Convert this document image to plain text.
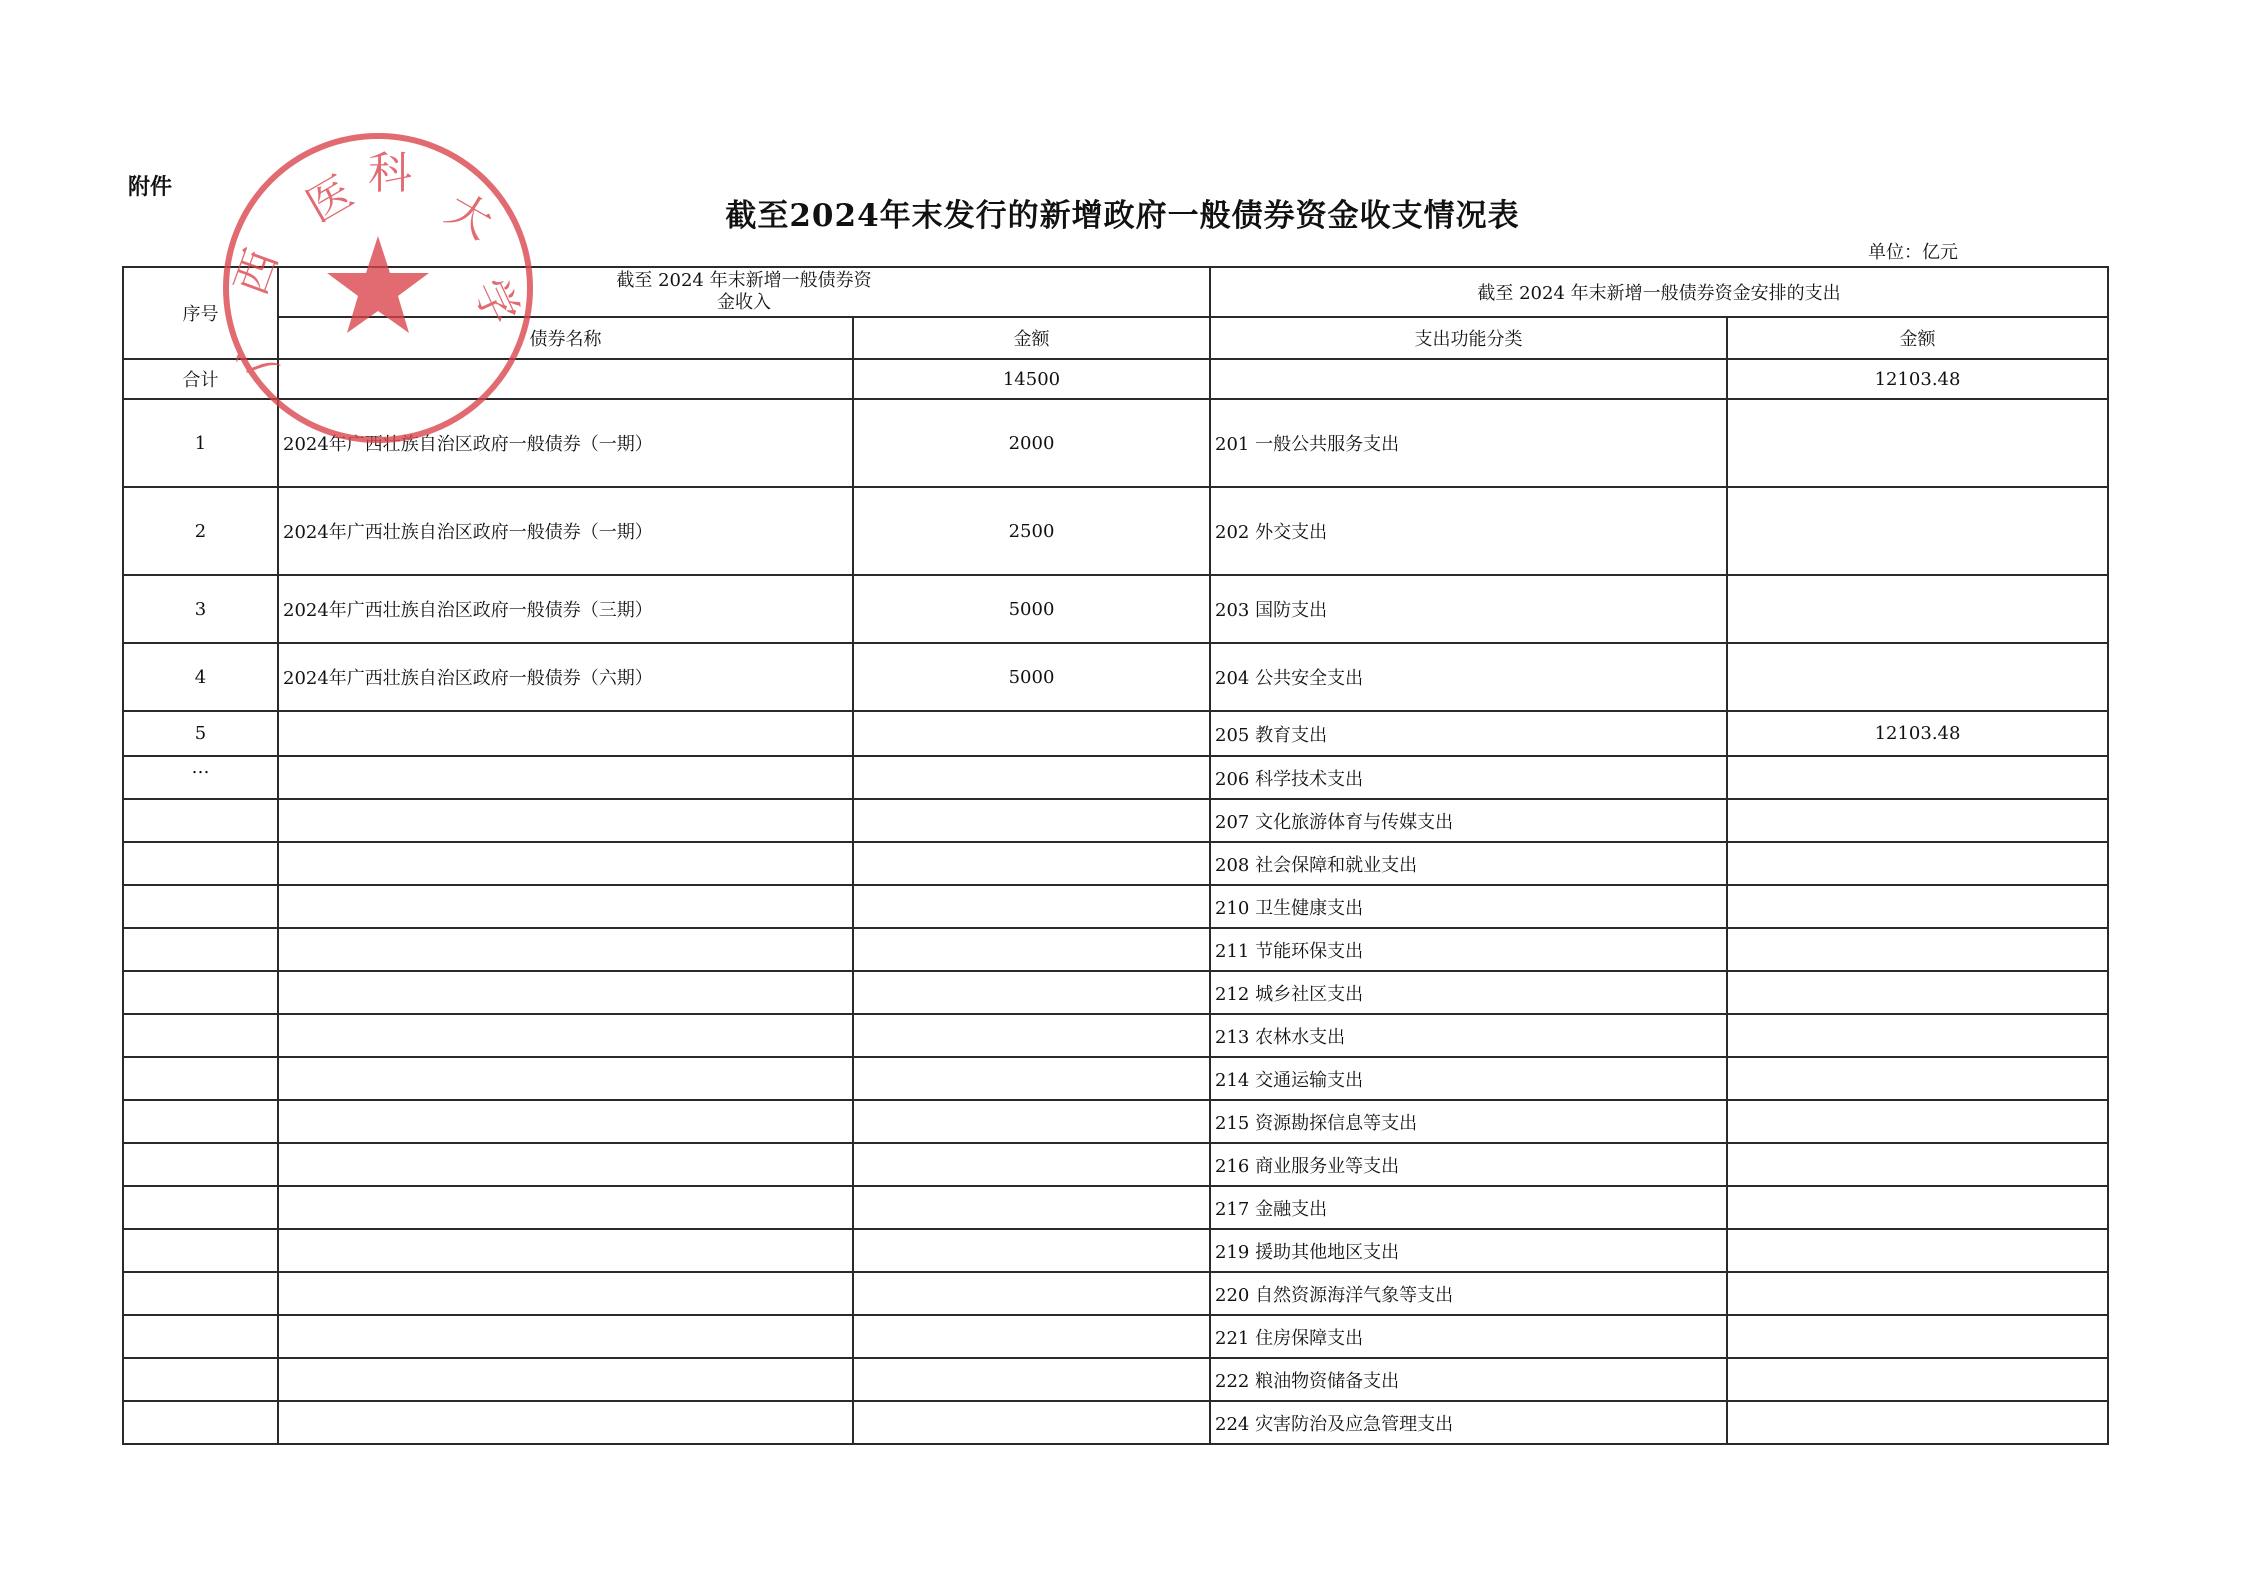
附件
截至2024年末发行的新增政府一般债券资金收支情况表
单位：亿元
序号	截至 2024 年末新增一般债券资金收入		截至 2024 年末新增一般债券资金安排的支出	
	债券名称	金额	支出功能分类	金额
合计		14500		12103.48
1	2024年广西壮族自治区政府一般债券（一期）	2000	201 一般公共服务支出	
2	2024年广西壮族自治区政府一般债券（一期）	2500	202 外交支出	
3	2024年广西壮族自治区政府一般债券（三期）	5000	203 国防支出	
4	2024年广西壮族自治区政府一般债券（六期）	5000	204 公共安全支出	
5			205 教育支出	12103.48
…			206 科学技术支出	
			207 文化旅游体育与传媒支出	
			208 社会保障和就业支出	
			210 卫生健康支出	
			211 节能环保支出	
			212 城乡社区支出	
			213 农林水支出	
			214 交通运输支出	
			215 资源勘探信息等支出	
			216 商业服务业等支出	
			217 金融支出	
			219 援助其他地区支出	
			220 自然资源海洋气象等支出	
			221 住房保障支出	
			222 粮油物资储备支出	
			224 灾害防治及应急管理支出	
医 科
大
学
西
广
